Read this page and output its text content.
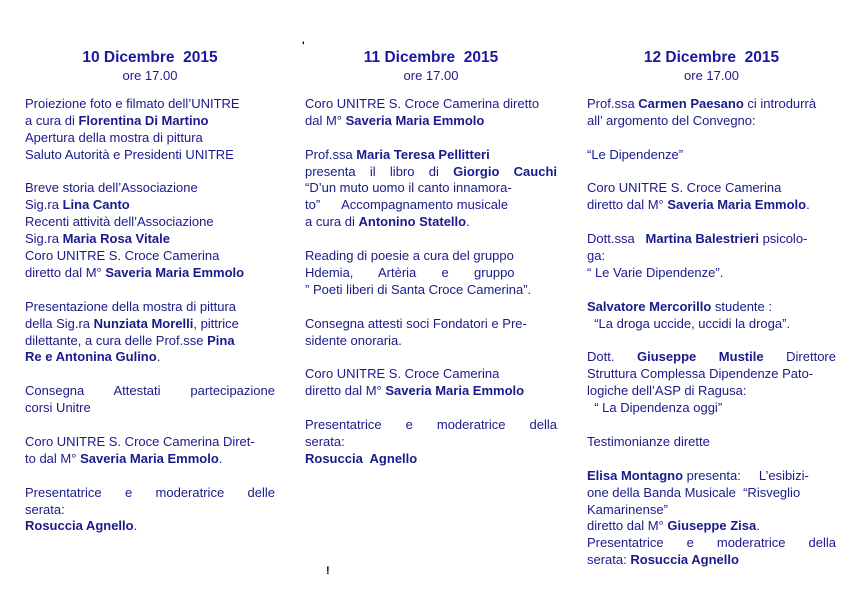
'
!
10 Dicembre  2015
ore 17.00
Proiezione foto e filmato dell’UNITRE
a cura di Florentina Di Martino
Apertura della mostra di pittura
Saluto Autorità e Presidenti UNITRE
Breve storia dell’Associazione
Sig.ra Lina Canto
Recenti attività dell’Associazione
Sig.ra Maria Rosa Vitale
Coro UNITRE S. Croce Camerina
diretto dal M° Saveria Maria Emmolo
Presentazione della mostra di pittura
della Sig.ra Nunziata Morelli, pittrice
dilettante, a cura delle Prof.sse Pina
Re e Antonina Gulino.
Consegna Attestati partecipazione
corsi Unitre
Coro UNITRE S. Croce Camerina Diret-
to dal M° Saveria Maria Emmolo.
Presentatrice e moderatrice delle
serata:
Rosuccia Agnello.
11 Dicembre  2015
ore 17.00
Coro UNITRE S. Croce Camerina diretto
dal M° Saveria Maria Emmolo
Prof.ssa Maria Teresa Pellitteri
presenta il libro di Giorgio Cauchi
“D’un muto uomo il canto innamora-
to”      Accompagnamento musicale
a cura di Antonino Statello.
Reading di poesie a cura del gruppo
Hdemia,       Artèria       e       gruppo
” Poeti liberi di Santa Croce Camerina”.
Consegna attesti soci Fondatori e Pre-
sidente onoraria.
Coro UNITRE S. Croce Camerina
diretto dal M° Saveria Maria Emmolo
Presentatrice e moderatrice della
serata:
Rosuccia  Agnello
12 Dicembre  2015
ore 17.00
Prof.ssa Carmen Paesano ci introdurrà
all’ argomento del Convegno:
“Le Dipendenze”
Coro UNITRE S. Croce Camerina
diretto dal M° Saveria Maria Emmolo.
Dott.ssa   Martina Balestrieri psicolo-
ga:
“ Le Varie Dipendenze”.
Salvatore Mercorillo studente :
“La droga uccide, uccidi la droga”.
Dott. Giuseppe Mustile Direttore
Struttura Complessa Dipendenze Pato-
logiche dell’ASP di Ragusa:
“ La Dipendenza oggi”
Testimonianze dirette
Elisa Montagno presenta:     L’esibizi-
one della Banda Musicale  “Risveglio
Kamarinense”
diretto dal M° Giuseppe Zisa.
Presentatrice e moderatrice della
serata: Rosuccia Agnello
